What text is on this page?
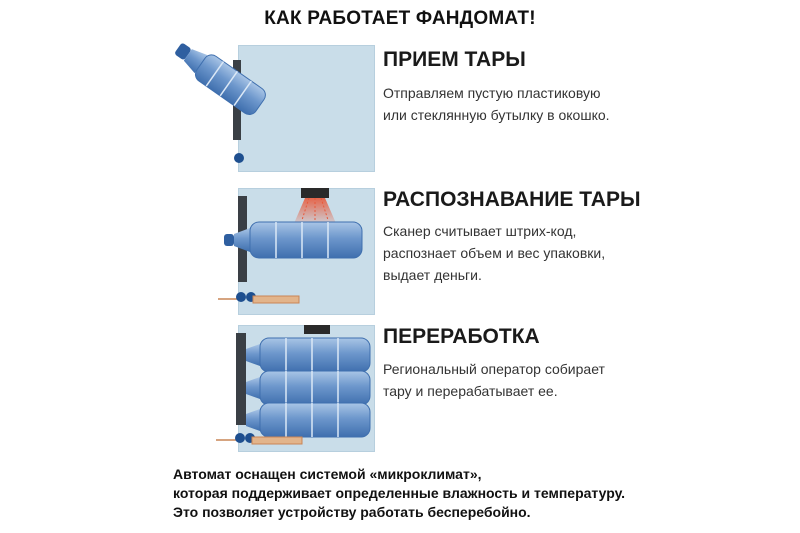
КАК РАБОТАЕТ ФАНДОМАТ!
ПРИЕМ ТАРЫ
Отправляем пустую пластиковую
или стеклянную бутылку в окошко.
РАСПОЗНАВАНИЕ ТАРЫ
Сканер считывает штрих-код,
распознает объем и вес упаковки,
выдает деньги.
ПЕРЕРАБОТКА
Региональный оператор собирает
тару и перерабатывает ее.
Автомат оснащен системой «микроклимат»,
которая поддерживает определенные влажность и температуру.
Это позволяет устройству работать бесперебойно.
